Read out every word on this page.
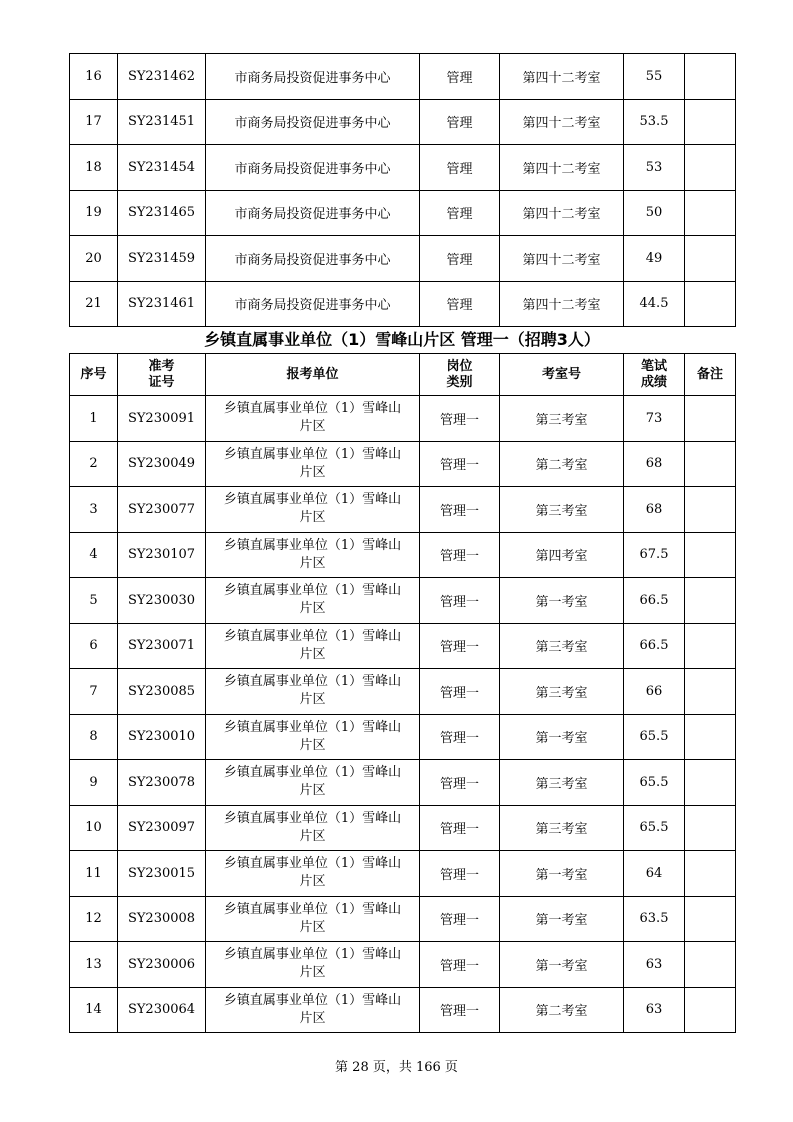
16	SY231462	市商务局投资促进事务中心	管理	第四十二考室	55	
17	SY231451	市商务局投资促进事务中心	管理	第四十二考室	53.5	
18	SY231454	市商务局投资促进事务中心	管理	第四十二考室	53	
19	SY231465	市商务局投资促进事务中心	管理	第四十二考室	50	
20	SY231459	市商务局投资促进事务中心	管理	第四十二考室	49	
21	SY231461	市商务局投资促进事务中心	管理	第四十二考室	44.5	
乡镇直属事业单位（1）雪峰山片区 管理一（招聘3人）
序号	准考
证号	报考单位	岗位
类别	考室号	笔试
成绩	备注
1	SY230091	乡镇直属事业单位（1）雪峰山
片区	管理一	第三考室	73	
2	SY230049	乡镇直属事业单位（1）雪峰山
片区	管理一	第二考室	68	
3	SY230077	乡镇直属事业单位（1）雪峰山
片区	管理一	第三考室	68	
4	SY230107	乡镇直属事业单位（1）雪峰山
片区	管理一	第四考室	67.5	
5	SY230030	乡镇直属事业单位（1）雪峰山
片区	管理一	第一考室	66.5	
6	SY230071	乡镇直属事业单位（1）雪峰山
片区	管理一	第三考室	66.5	
7	SY230085	乡镇直属事业单位（1）雪峰山
片区	管理一	第三考室	66	
8	SY230010	乡镇直属事业单位（1）雪峰山
片区	管理一	第一考室	65.5	
9	SY230078	乡镇直属事业单位（1）雪峰山
片区	管理一	第三考室	65.5	
10	SY230097	乡镇直属事业单位（1）雪峰山
片区	管理一	第三考室	65.5	
11	SY230015	乡镇直属事业单位（1）雪峰山
片区	管理一	第一考室	64	
12	SY230008	乡镇直属事业单位（1）雪峰山
片区	管理一	第一考室	63.5	
13	SY230006	乡镇直属事业单位（1）雪峰山
片区	管理一	第一考室	63	
14	SY230064	乡镇直属事业单位（1）雪峰山
片区	管理一	第二考室	63	
第 28 页，共 166 页
